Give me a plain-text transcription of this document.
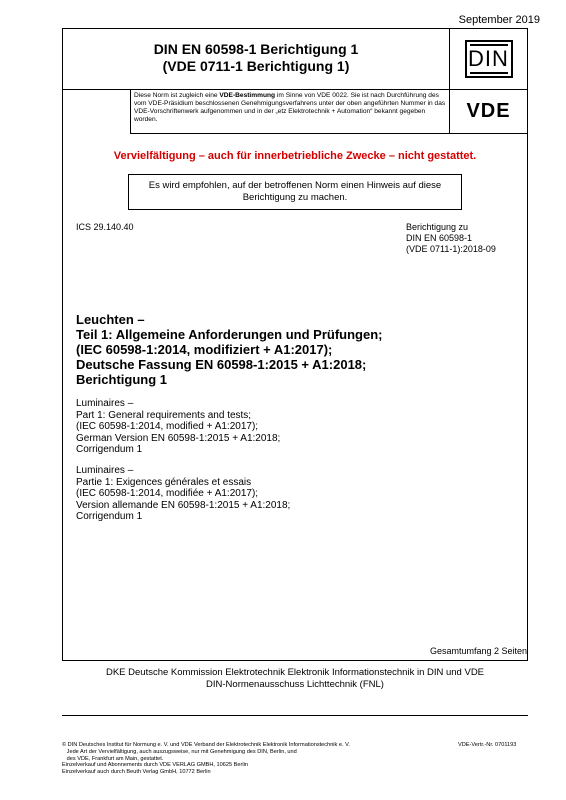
September 2019
DIN EN 60598-1 Berichtigung 1
(VDE 0711-1 Berichtigung 1)	DIN
Diese Norm ist zugleich eine VDE-Bestimmung im Sinne von VDE 0022. Sie ist nach Durchführung des vom VDE-Präsidium beschlossenen Genehmigungsverfahrens unter der oben angeführten Nummer in das VDE-Vorschriftenwerk aufgenommen und in der „etz Elektrotechnik + Automation“ bekannt gegeben worden.	VDE
Vervielfältigung – auch für innerbetriebliche Zwecke – nicht gestattet.
Es wird empfohlen, auf der betroffenen Norm einen Hinweis auf diese Berichtigung zu machen.
ICS 29.140.40	Berichtigung zu
DIN EN 60598-1
(VDE 0711-1):2018-09
Leuchten –
Teil 1: Allgemeine Anforderungen und Prüfungen;
(IEC 60598-1:2014, modifiziert + A1:2017);
Deutsche Fassung EN 60598-1:2015 + A1:2018;
Berichtigung 1
Luminaires –
Part 1: General requirements and tests;
(IEC 60598-1:2014, modified + A1:2017);
German Version EN 60598-1:2015 + A1:2018;
Corrigendum 1
Luminaires –
Partie 1: Exigences générales et essais
(IEC 60598-1:2014, modifiée + A1:2017);
Version allemande EN 60598-1:2015 + A1:2018;
Corrigendum 1
Gesamtumfang 2 Seiten
DKE Deutsche Kommission Elektrotechnik Elektronik Informationstechnik in DIN und VDE
DIN-Normenausschuss Lichttechnik (FNL)
© DIN Deutsches Institut für Normung e. V. und VDE Verband der Elektrotechnik Elektronik Informationstechnik e. V.
Jede Art der Vervielfältigung, auch auszugsweise, nur mit Genehmigung des DIN, Berlin, und
des VDE, Frankfurt am Main, gestattet.
Einzelverkauf und Abonnements durch VDE VERLAG GMBH, 10625 Berlin
Einzelverkauf auch durch Beuth Verlag GmbH, 10772 Berlin
VDE-Vertr.-Nr. 0701193
